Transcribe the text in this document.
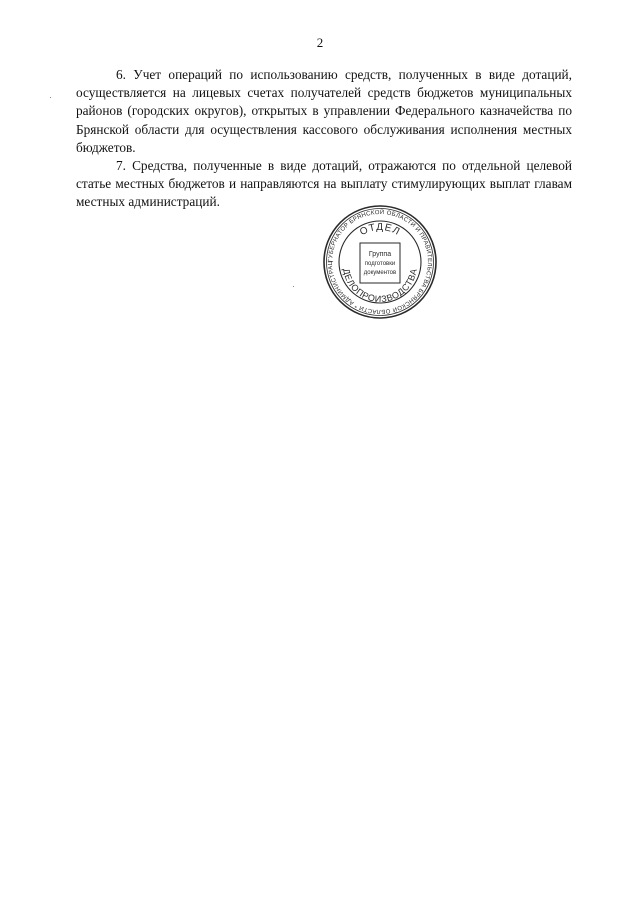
2

6. Учет операций по использованию средств, полученных в виде дотаций, осуществляется на лицевых счетах получателей средств бюджетов муниципальных районов (городских округов), открытых в управлении Федерального казначейства по Брянской области для осуществления кассового обслуживания исполнения местных бюджетов.

7. Средства, полученные в виде дотаций, отражаются по отдельной целевой статье местных бюджетов и направляются на выплату стимулирующих выплат главам местных администраций.

ГУБЕРНАТОР БРЯНСКОЙ ОБЛАСТИ И ПРАВИТЕЛЬСТВА БРЯНСКОЙ ОБЛАСТИ * АДМИНИСТРАЦ
ОТДЕЛ
ДЕЛОПРОИЗВОДСТВА
Группа
подготовки
документов
